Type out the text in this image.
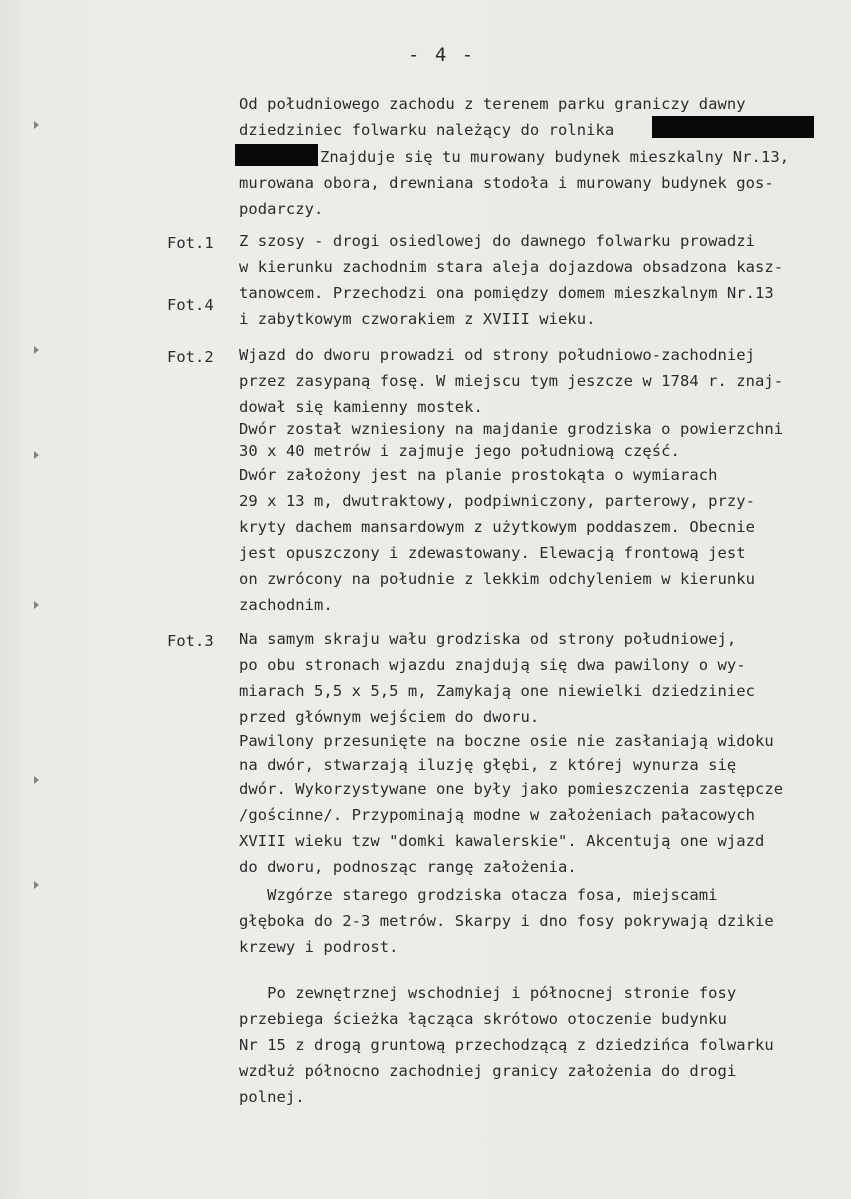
- 4 -
Od południowego zachodu z terenem parku graniczy dawny
dziedziniec folwarku należący do rolnika
Znajduje się tu murowany budynek mieszkalny Nr.13,
murowana obora, drewniana stodoła i murowany budynek gos-
podarczy.
Fot.1
Fot.4
Z szosy - drogi osiedlowej do dawnego folwarku prowadzi
w kierunku zachodnim stara aleja dojazdowa obsadzona kasz-
tanowcem. Przechodzi ona pomiędzy domem mieszkalnym Nr.13
i zabytkowym czworakiem z XVIII wieku.
Fot.2 Wjazd do dworu prowadzi od strony południowo-zachodniej
przez zasypaną fosę. W miejscu tym jeszcze w 1784 r. znaj-
dował się kamienny mostek.
Dwór został wzniesiony na majdanie grodziska o powierzchni
30 x 40 metrów i zajmuje jego południową część.
Dwór założony jest na planie prostokąta o wymiarach
29 x 13 m, dwutraktowy, podpiwniczony, parterowy, przy-
kryty dachem mansardowym z użytkowym poddaszem. Obecnie
jest opuszczony i zdewastowany. Elewacją frontową jest
on zwrócony na południe z lekkim odchyleniem w kierunku
zachodnim.
Fot.3 Na samym skraju wału grodziska od strony południowej,
po obu stronach wjazdu znajdują się dwa pawilony o wy-
miarach 5,5 x 5,5 m, Zamykają one niewielki dziedziniec
przed głównym wejściem do dworu.
Pawilony przesunięte na boczne osie nie zasłaniają widoku
na dwór, stwarzają iluzję głębi, z której wynurza się
dwór. Wykorzystywane one były jako pomieszczenia zastępcze
/gościnne/. Przypominają modne w założeniach pałacowych
XVIII wieku tzw "domki kawalerskie". Akcentują one wjazd
do dworu, podnosząc rangę założenia.
Wzgórze starego grodziska otacza fosa, miejscami
głęboka do 2-3 metrów. Skarpy i dno fosy pokrywają dzikie
krzewy i podrost.
Po zewnętrznej wschodniej i północnej stronie fosy
przebiega ścieżka łącząca skrótowo otoczenie budynku
Nr 15 z drogą gruntową przechodzącą z dziedzińca folwarku
wzdłuż północno zachodniej granicy założenia do drogi
polnej.
